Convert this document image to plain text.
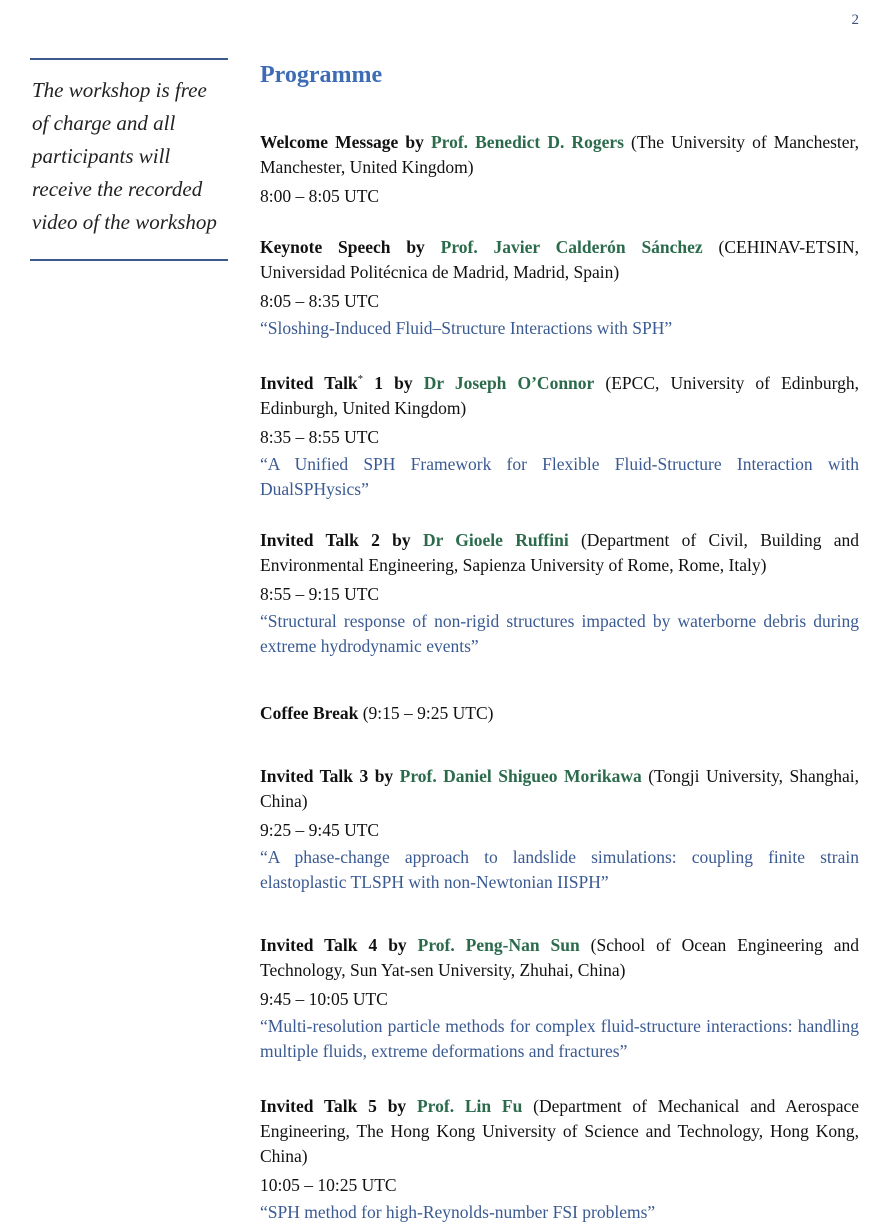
2

The workshop is free of charge and all participants will receive the recorded video of the workshop

Programme

Welcome Message by Prof. Benedict D. Rogers (The University of Manchester, Manchester, United Kingdom)

8:00 – 8:05 UTC

Keynote Speech by Prof. Javier Calderón Sánchez (CEHINAV-ETSIN, Universidad Politécnica de Madrid, Madrid, Spain)

8:05 – 8:35 UTC

“Sloshing-Induced Fluid–Structure Interactions with SPH”

Invited Talk* 1 by Dr Joseph O’Connor (EPCC, University of Edinburgh, Edinburgh, United Kingdom)

8:35 – 8:55 UTC

“A Unified SPH Framework for Flexible Fluid-Structure Interaction with DualSPHysics”

Invited Talk 2 by Dr Gioele Ruffini (Department of Civil, Building and Environmental Engineering, Sapienza University of Rome, Rome, Italy)

8:55 – 9:15 UTC

“Structural response of non-rigid structures impacted by waterborne debris during extreme hydrodynamic events”

Coffee Break (9:15 – 9:25 UTC)

Invited Talk 3 by Prof. Daniel Shigueo Morikawa (Tongji University, Shanghai, China)

9:25 – 9:45 UTC

“A phase-change approach to landslide simulations: coupling finite strain elastoplastic TLSPH with non-Newtonian IISPH”

Invited Talk 4 by Prof. Peng-Nan Sun (School of Ocean Engineering and Technology, Sun Yat-sen University, Zhuhai, China)

9:45 – 10:05 UTC

“Multi-resolution particle methods for complex fluid-structure interactions: handling multiple fluids, extreme deformations and fractures”

Invited Talk 5 by Prof. Lin Fu (Department of Mechanical and Aerospace Engineering, The Hong Kong University of Science and Technology, Hong Kong, China)

10:05 – 10:25 UTC

“SPH method for high-Reynolds-number FSI problems”
